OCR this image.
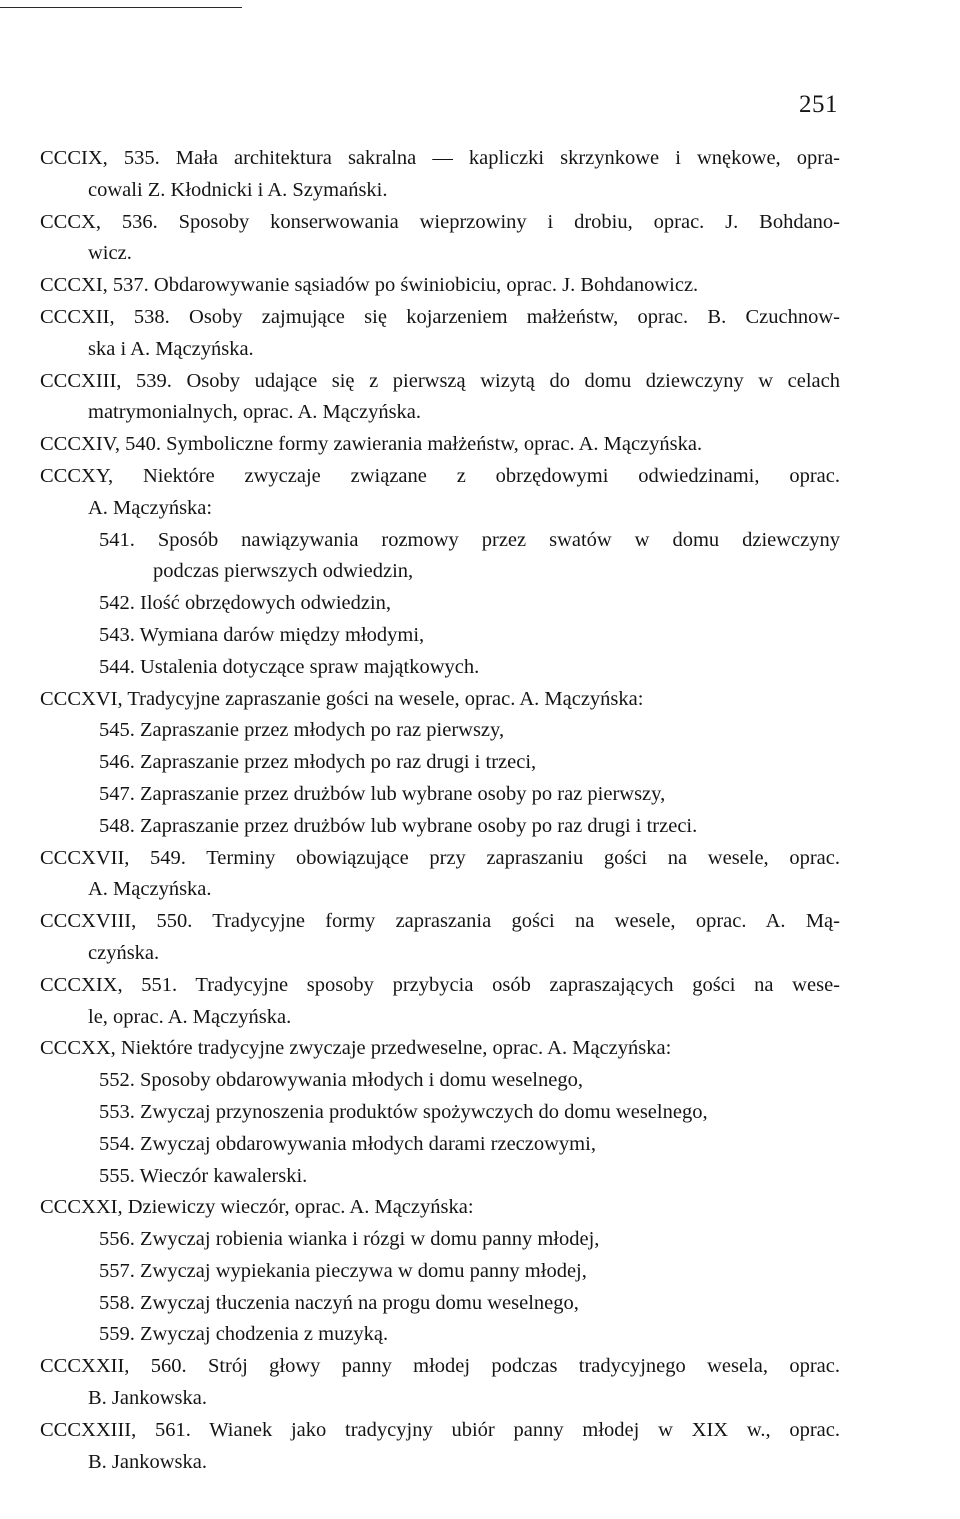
251
CCCIX, 535. Mała architektura sakralna — kapliczki skrzynkowe i wnękowe, opra-
cowali Z. Kłodnicki i A. Szymański.
CCCX, 536. Sposoby konserwowania wieprzowiny i drobiu, oprac. J. Bohdano-
wicz.
CCCXI, 537. Obdarowywanie sąsiadów po świniobiciu, oprac. J. Bohdanowicz.
CCCXII, 538. Osoby zajmujące się kojarzeniem małżeństw, oprac. B. Czuchnow-
ska i A. Mączyńska.
CCCXIII, 539. Osoby udające się z pierwszą wizytą do domu dziewczyny w celach
matrymonialnych, oprac. A. Mączyńska.
CCCXIV, 540. Symboliczne formy zawierania małżeństw, oprac. A. Mączyńska.
CCCXY, Niektóre zwyczaje związane z obrzędowymi odwiedzinami, oprac.
A. Mączyńska:
541. Sposób nawiązywania rozmowy przez swatów w domu dziewczyny
podczas pierwszych odwiedzin,
542. Ilość obrzędowych odwiedzin,
543. Wymiana darów między młodymi,
544. Ustalenia dotyczące spraw majątkowych.
CCCXVI, Tradycyjne zapraszanie gości na wesele, oprac. A. Mączyńska:
545. Zapraszanie przez młodych po raz pierwszy,
546. Zapraszanie przez młodych po raz drugi i trzeci,
547. Zapraszanie przez drużbów lub wybrane osoby po raz pierwszy,
548. Zapraszanie przez drużbów lub wybrane osoby po raz drugi i trzeci.
CCCXVII, 549. Terminy obowiązujące przy zapraszaniu gości na wesele, oprac.
A. Mączyńska.
CCCXVIII, 550. Tradycyjne formy zapraszania gości na wesele, oprac. A. Mą-
czyńska.
CCCXIX, 551. Tradycyjne sposoby przybycia osób zapraszających gości na wese-
le, oprac. A. Mączyńska.
CCCXX, Niektóre tradycyjne zwyczaje przedweselne, oprac. A. Mączyńska:
552. Sposoby obdarowywania młodych i domu weselnego,
553. Zwyczaj przynoszenia produktów spożywczych do domu weselnego,
554. Zwyczaj obdarowywania młodych darami rzeczowymi,
555. Wieczór kawalerski.
CCCXXI, Dziewiczy wieczór, oprac. A. Mączyńska:
556. Zwyczaj robienia wianka i rózgi w domu panny młodej,
557. Zwyczaj wypiekania pieczywa w domu panny młodej,
558. Zwyczaj tłuczenia naczyń na progu domu weselnego,
559. Zwyczaj chodzenia z muzyką.
CCCXXII, 560. Strój głowy panny młodej podczas tradycyjnego wesela, oprac.
B. Jankowska.
CCCXXIII, 561. Wianek jako tradycyjny ubiór panny młodej w XIX w., oprac.
B. Jankowska.
